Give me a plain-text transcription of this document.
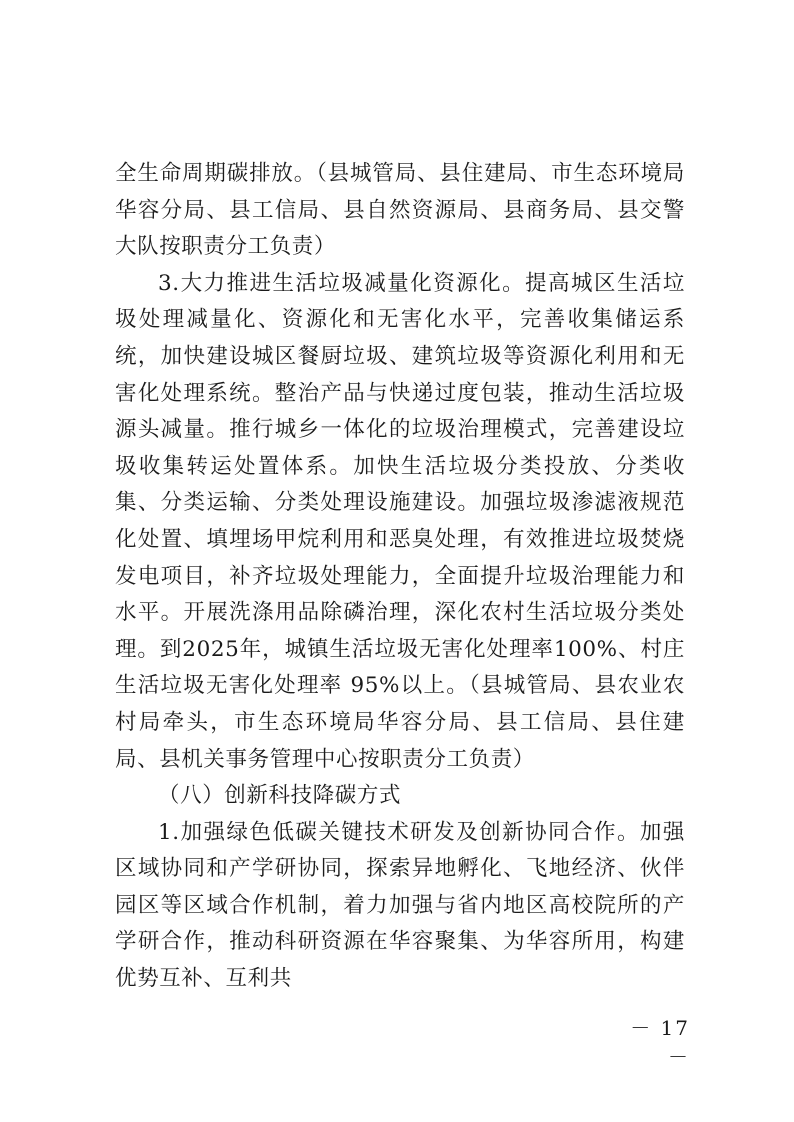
全生命周期碳排放。（县城管局、县住建局、市生态环境局华容分局、县工信局、县自然资源局、县商务局、县交警大队按职责分工负责）

3.大力推进生活垃圾减量化资源化。提高城区生活垃圾处理减量化、资源化和无害化水平，完善收集储运系统，加快建设城区餐厨垃圾、建筑垃圾等资源化利用和无害化处理系统。整治产品与快递过度包装，推动生活垃圾源头减量。推行城乡一体化的垃圾治理模式，完善建设垃圾收集转运处置体系。加快生活垃圾分类投放、分类收集、分类运输、分类处理设施建设。加强垃圾渗滤液规范化处置、填埋场甲烷利用和恶臭处理，有效推进垃圾焚烧发电项目，补齐垃圾处理能力，全面提升垃圾治理能力和水平。开展洗涤用品除磷治理，深化农村生活垃圾分类处理。到2025年，城镇生活垃圾无害化处理率100%、村庄生活垃圾无害化处理率 95%以上。（县城管局、县农业农村局牵头，市生态环境局华容分局、县工信局、县住建局、县机关事务管理中心按职责分工负责）

（八）创新科技降碳方式

1.加强绿色低碳关键技术研发及创新协同合作。加强区域协同和产学研协同，探索异地孵化、飞地经济、伙伴园区等区域合作机制，着力加强与省内地区高校院所的产学研合作，推动科研资源在华容聚集、为华容所用，构建优势互补、互利共

－ 17 －
